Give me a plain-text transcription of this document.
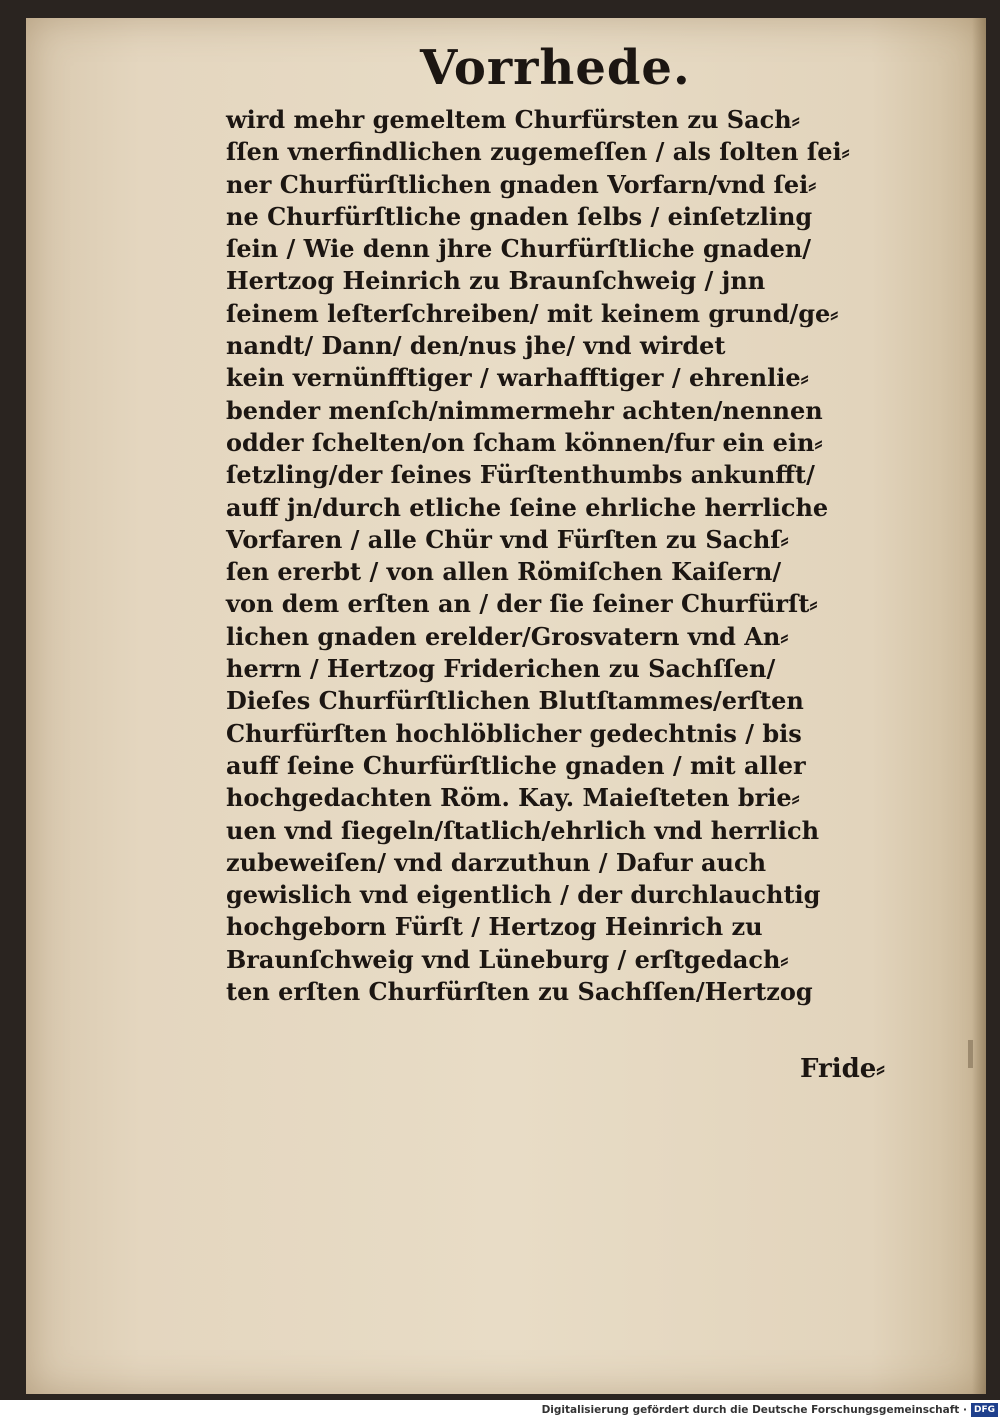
Vorrhede.
wird mehr gemeltem Churfürsten zu Sach⸗
ſſen vnerfindlichen zugemeſſen / als ſolten ſei⸗
ner Churfürſtlichen gnaden Vorfarn/vnd ſei⸗
ne Churfürſtliche gnaden ſelbs / einſetzling
ſein / Wie denn jhre Churfürſtliche gnaden/
Hertzog Heinrich zu Braunſchweig / jnn
ſeinem leſterſchreiben/ mit keinem grund/ge⸗
nandt/ Dann/ den/nus jhe/ vnd wirdet
kein vernünfftiger / warhafftiger / ehrenlie⸗
bender menſch/nimmermehr achten/nennen
odder ſchelten/on ſcham können/fur ein ein⸗
ſetzling/der ſeines Fürſtenthumbs ankunfft/
auff jn/durch etliche ſeine ehrliche herrliche
Vorfaren / alle Chür vnd Fürſten zu Sachſ⸗
ſen ererbt / von allen Römiſchen Kaiſern/
von dem erſten an / der ſie ſeiner Churfürſt⸗
lichen gnaden erelder/Grosvatern vnd An⸗
herrn / Hertzog Friderichen zu Sachſſen/
Dieſes Churfürſtlichen Blutſtammes/erſten
Churfürſten hochlöblicher gedechtnis / bis
auff ſeine Churfürſtliche gnaden / mit aller
hochgedachten Röm. Kay. Maieſteten brie⸗
uen vnd ſiegeln/ſtatlich/ehrlich vnd herrlich
zubeweiſen/ vnd darzuthun / Dafur auch
gewislich vnd eigentlich / der durchlauchtig
hochgeborn Fürſt / Hertzog Heinrich zu
Braunſchweig vnd Lüneburg / erſtgedach⸗
ten erſten Churfürſten zu Sachſſen/Hertzog
Fride⸗
Digitalisierung gefördert durch die Deutsche Forschungsgemeinschaft · DFG
